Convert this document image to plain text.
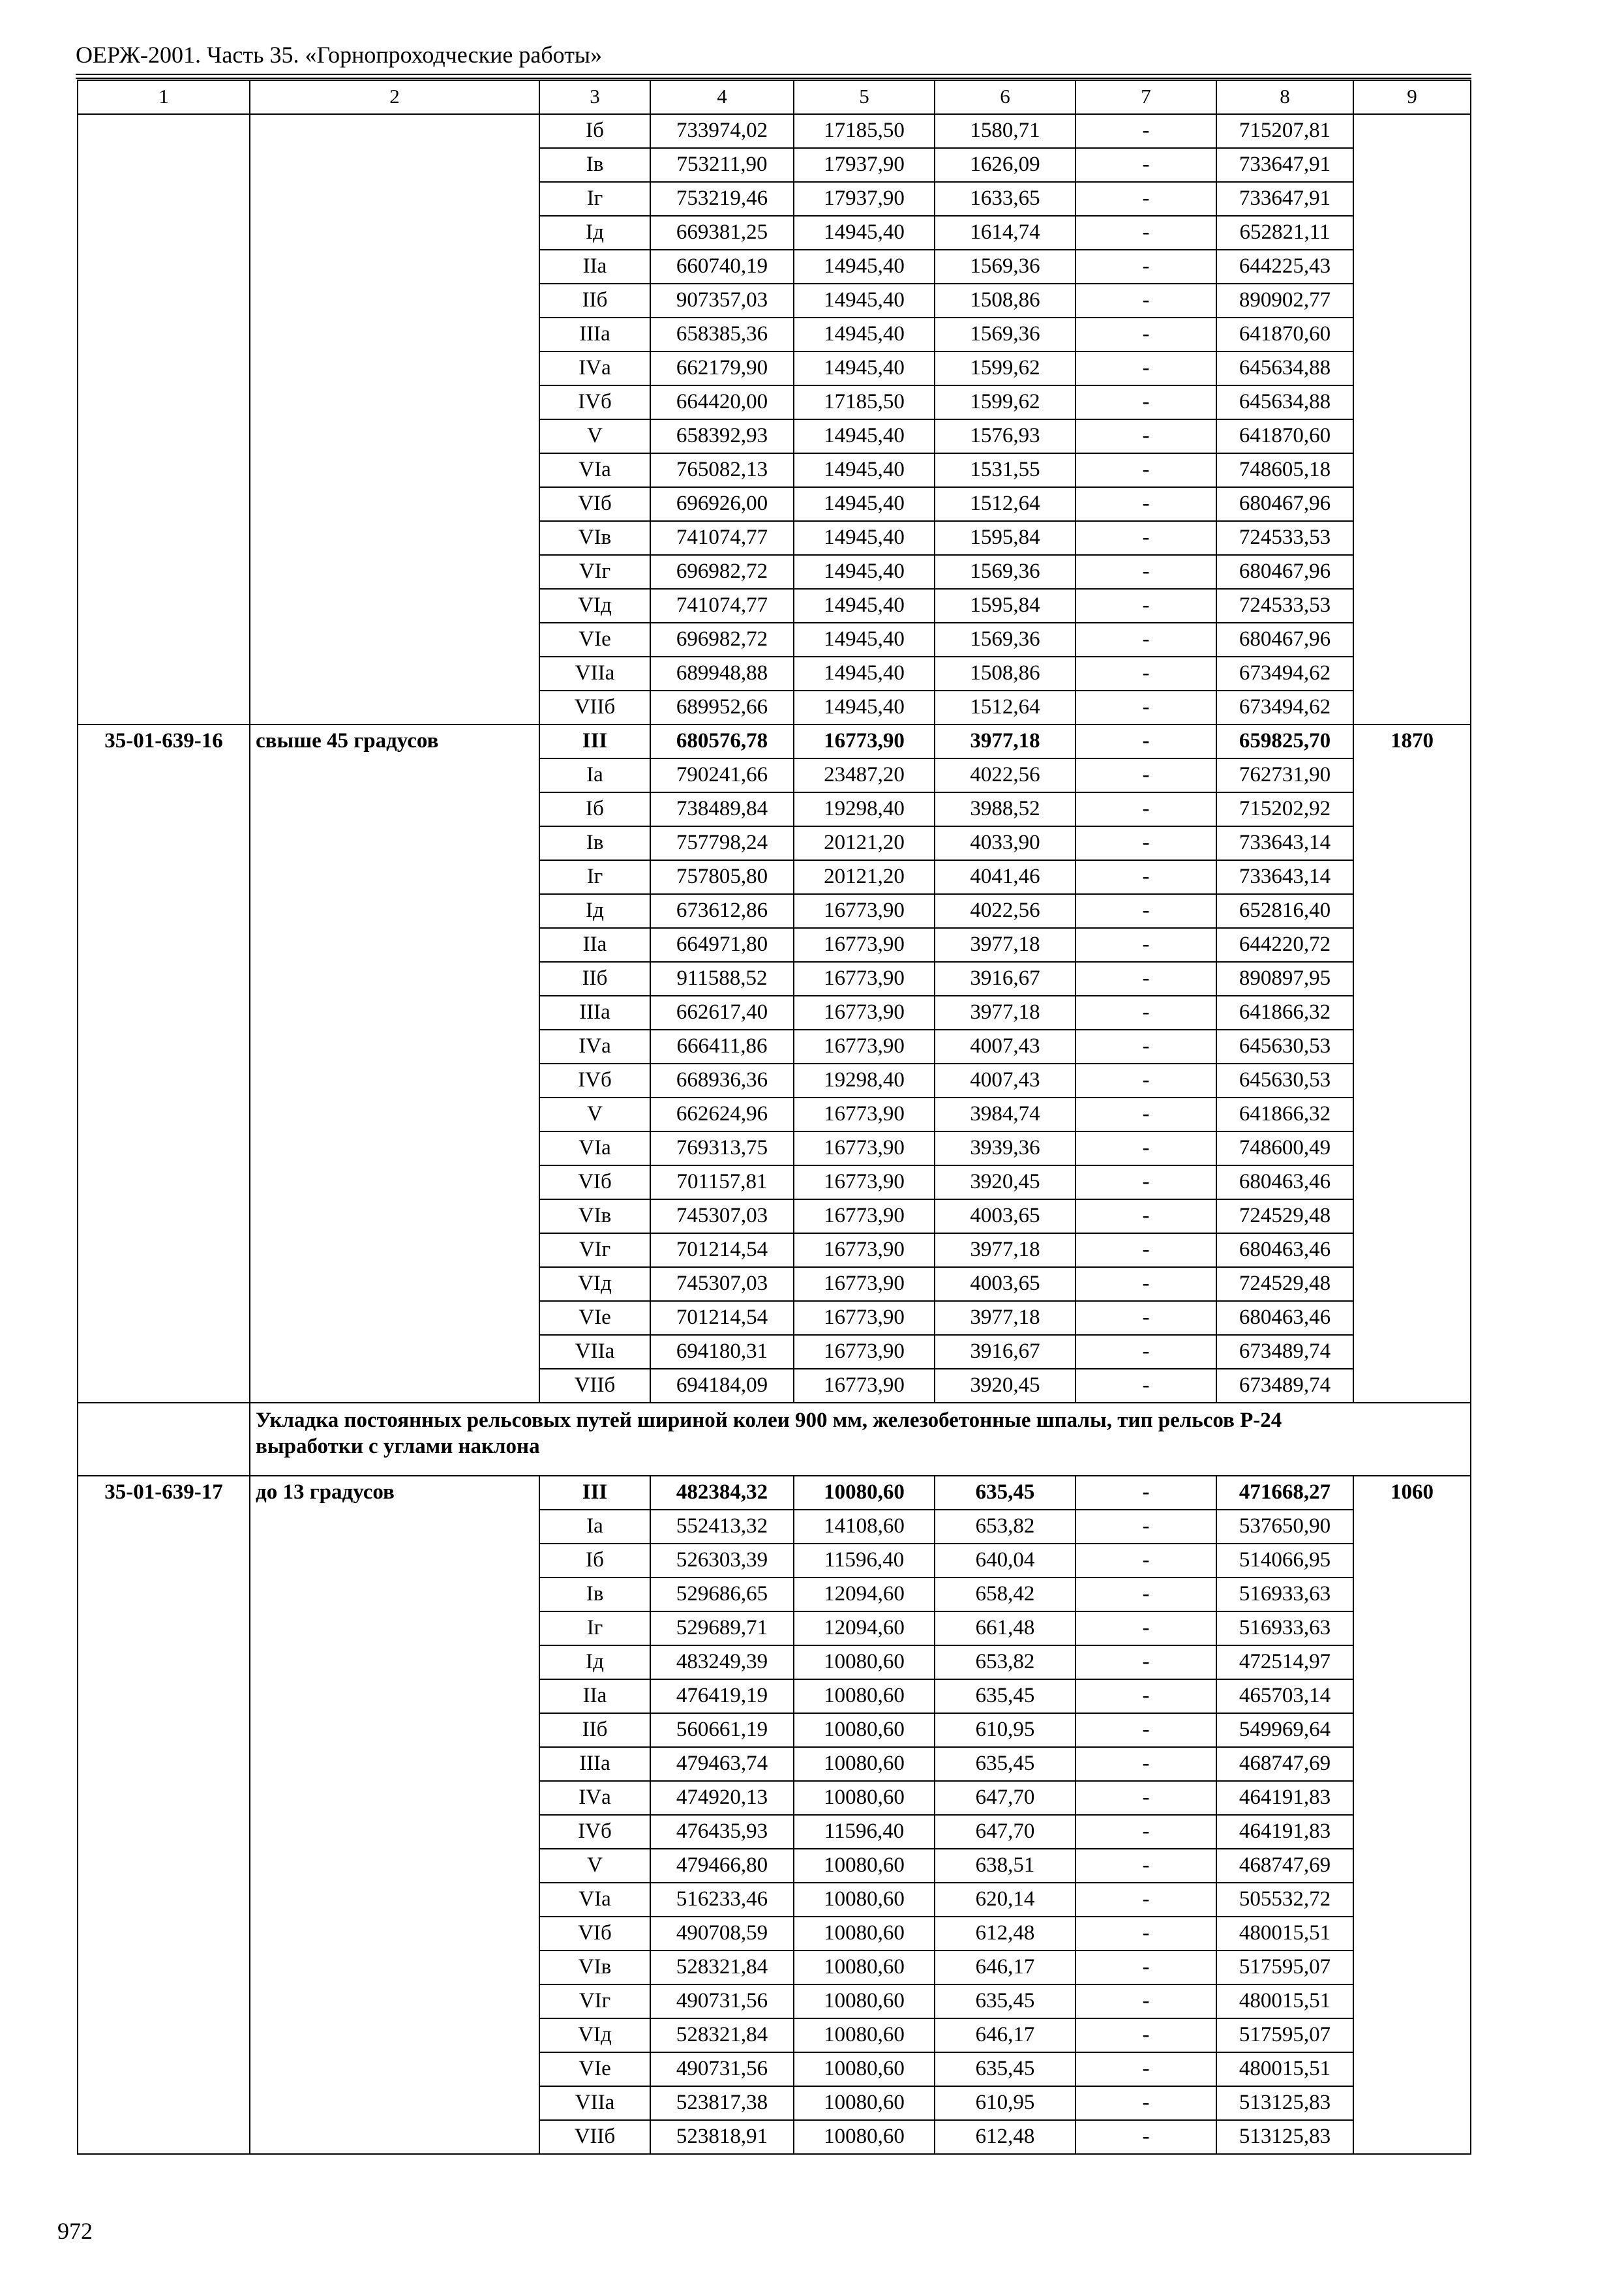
ОЕРЖ-2001. Часть 35. «Горнопроходческие работы»
1	2	3	4	5	6	7	8	9
		Iб	733974,02	17185,50	1580,71	-	715207,81	
		Iв	753211,90	17937,90	1626,09	-	733647,91	
		Iг	753219,46	17937,90	1633,65	-	733647,91	
		Iд	669381,25	14945,40	1614,74	-	652821,11	
		IIа	660740,19	14945,40	1569,36	-	644225,43	
		IIб	907357,03	14945,40	1508,86	-	890902,77	
		IIIа	658385,36	14945,40	1569,36	-	641870,60	
		IVа	662179,90	14945,40	1599,62	-	645634,88	
		IVб	664420,00	17185,50	1599,62	-	645634,88	
		V	658392,93	14945,40	1576,93	-	641870,60	
		VIа	765082,13	14945,40	1531,55	-	748605,18	
		VIб	696926,00	14945,40	1512,64	-	680467,96	
		VIв	741074,77	14945,40	1595,84	-	724533,53	
		VIг	696982,72	14945,40	1569,36	-	680467,96	
		VIд	741074,77	14945,40	1595,84	-	724533,53	
		VIе	696982,72	14945,40	1569,36	-	680467,96	
		VIIа	689948,88	14945,40	1508,86	-	673494,62	
		VIIб	689952,66	14945,40	1512,64	-	673494,62	
35-01-639-16	свыше 45 градусов	III	680576,78	16773,90	3977,18	-	659825,70	1870
		Iа	790241,66	23487,20	4022,56	-	762731,90	
		Iб	738489,84	19298,40	3988,52	-	715202,92	
		Iв	757798,24	20121,20	4033,90	-	733643,14	
		Iг	757805,80	20121,20	4041,46	-	733643,14	
		Iд	673612,86	16773,90	4022,56	-	652816,40	
		IIа	664971,80	16773,90	3977,18	-	644220,72	
		IIб	911588,52	16773,90	3916,67	-	890897,95	
		IIIа	662617,40	16773,90	3977,18	-	641866,32	
		IVа	666411,86	16773,90	4007,43	-	645630,53	
		IVб	668936,36	19298,40	4007,43	-	645630,53	
		V	662624,96	16773,90	3984,74	-	641866,32	
		VIа	769313,75	16773,90	3939,36	-	748600,49	
		VIб	701157,81	16773,90	3920,45	-	680463,46	
		VIв	745307,03	16773,90	4003,65	-	724529,48	
		VIг	701214,54	16773,90	3977,18	-	680463,46	
		VIд	745307,03	16773,90	4003,65	-	724529,48	
		VIе	701214,54	16773,90	3977,18	-	680463,46	
		VIIа	694180,31	16773,90	3916,67	-	673489,74	
		VIIб	694184,09	16773,90	3920,45	-	673489,74	

	Укладка постоянных рельсовых путей шириной колеи 900 мм, железобетонные шпалы, тип рельсов Р-24
выработки с углами наклона							

35-01-639-17	до 13 градусов	III	482384,32	10080,60	635,45	-	471668,27	1060
		Iа	552413,32	14108,60	653,82	-	537650,90	
		Iб	526303,39	11596,40	640,04	-	514066,95	
		Iв	529686,65	12094,60	658,42	-	516933,63	
		Iг	529689,71	12094,60	661,48	-	516933,63	
		Iд	483249,39	10080,60	653,82	-	472514,97	
		IIа	476419,19	10080,60	635,45	-	465703,14	
		IIб	560661,19	10080,60	610,95	-	549969,64	
		IIIа	479463,74	10080,60	635,45	-	468747,69	
		IVа	474920,13	10080,60	647,70	-	464191,83	
		IVб	476435,93	11596,40	647,70	-	464191,83	
		V	479466,80	10080,60	638,51	-	468747,69	
		VIа	516233,46	10080,60	620,14	-	505532,72	
		VIб	490708,59	10080,60	612,48	-	480015,51	
		VIв	528321,84	10080,60	646,17	-	517595,07	
		VIг	490731,56	10080,60	635,45	-	480015,51	
		VIд	528321,84	10080,60	646,17	-	517595,07	
		VIе	490731,56	10080,60	635,45	-	480015,51	
		VIIа	523817,38	10080,60	610,95	-	513125,83	
		VIIб	523818,91	10080,60	612,48	-	513125,83	
972
